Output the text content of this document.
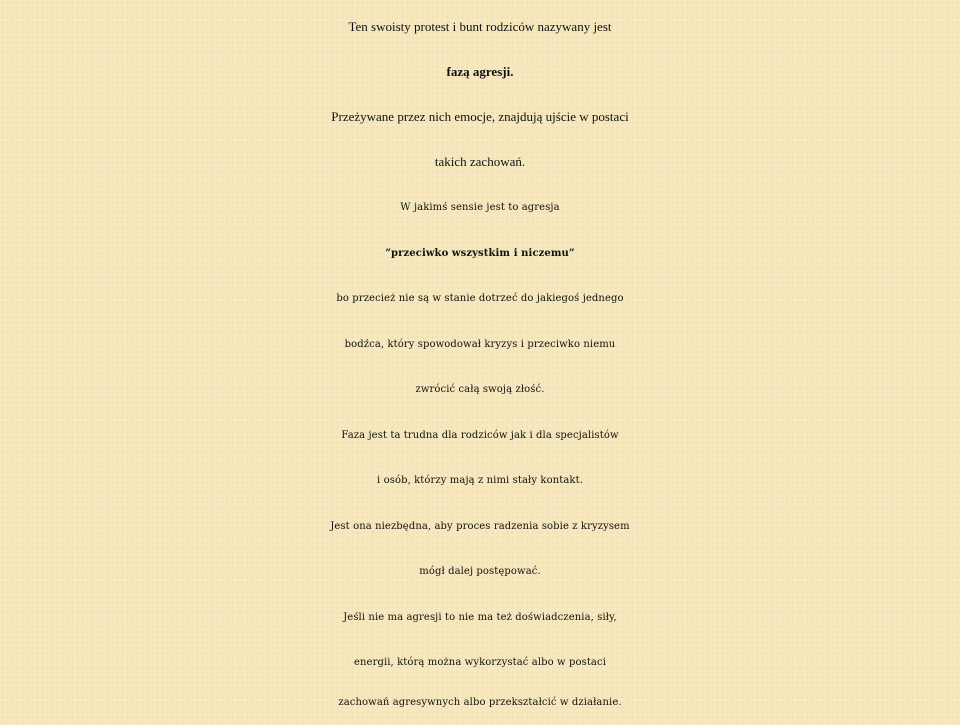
Ten swoisty protest i bunt rodziców nazywany jest
fazą agresji.
Przeżywane przez nich emocje, znajdują ujście w postaci
takich zachowań.
W jakimś sensie jest to agresja
”przeciwko wszystkim i niczemu”
bo przecież nie są w stanie dotrzeć do jakiegoś jednego
bodźca, który spowodował kryzys i przeciwko niemu
zwrócić całą swoją złość.
Faza jest ta trudna dla rodziców jak i dla specjalistów
i osób, którzy mają z nimi stały kontakt.
Jest ona niezbędna, aby proces radzenia sobie z kryzysem
mógł dalej postępować.
Jeśli nie ma agresji to nie ma też doświadczenia, siły,
energii, którą można wykorzystać albo w postaci
zachowań agresywnych albo przekształcić w działanie.
